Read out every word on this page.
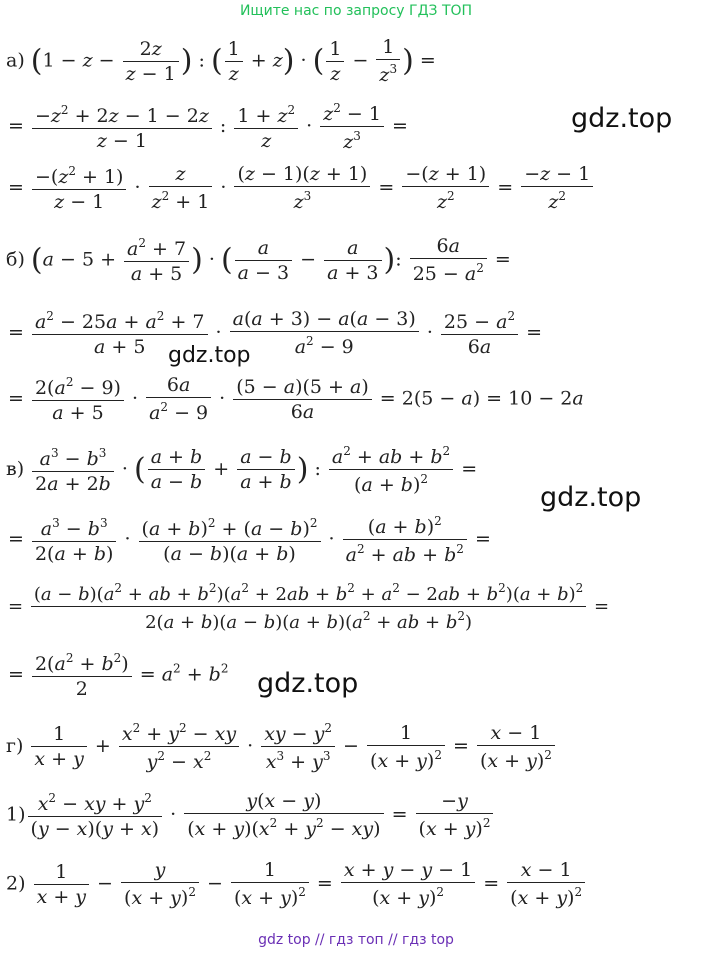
Ищите нас по запросу ГДЗ ТОП
gdz.top
gdz.top
gdz.top
gdz.top
а) ($1 - z - \frac{2z}{z - 1}$ ) : ( $\frac{1}{z} + z$) · ( $\frac{1}{z} - \frac{1}{z^3}$ ) =
= $\frac{-z^2 + 2z - 1 - 2z}{z - 1}$ : $\frac{1 + z^2}{z} \cdot \frac{z^2 - 1}{z^3}$ =
= $\frac{-(z^2 + 1)}{z - 1} \cdot \frac{z}{z^2 + 1} \cdot \frac{(z - 1)(z + 1)}{z^3} = \frac{-(z + 1)}{z^2} = \frac{-z - 1}{z^2}$
б) ($a - 5 + \frac{a^2 + 7}{a + 5}$ ) · ( $\frac{a}{a - 3} - \frac{a}{a + 3}$ ): $\frac{6a}{25 - a^2}$ =
= $\frac{a^2 - 25a + a^2 + 7}{a + 5} \cdot \frac{a(a + 3) - a(a - 3)}{a^2 - 9} \cdot \frac{25 - a^2}{6a}$ =
= $\frac{2(a^2 - 9)}{a + 5} \cdot \frac{6a}{a^2 - 9} \cdot \frac{(5 - a)(5 + a)}{6a} = 2(5 - a) = 10 - 2a$
$в) \frac{a^3 - b^3}{2a + 2b}$ · ( $\frac{a + b}{a - b} + \frac{a - b}{a + b}$ ) : $\frac{a^2 + ab + b^2}{(a + b)^2}$ =
= $\frac{a^3 - b^3}{2(a + b)} \cdot \frac{(a + b)^2 + (a - b)^2}{(a - b)(a + b)} \cdot \frac{(a + b)^2}{a^2 + ab + b^2}$ =
= $\frac{(a - b)(a^2 + ab + b^2)(a^2 + 2ab + b^2 + a^2 - 2ab + b^2)(a + b)^2}{2(a + b)(a - b)(a + b)(a^2 + ab + b^2)}$ =
= $\frac{2(a^2 + b^2)}{2} = a^2 + b^2$
$г) \frac{1}{x + y} + \frac{x^2 + y^2 - xy}{y^2 - x^2} \cdot \frac{xy - y^2}{x^3 + y^3} - \frac{1}{(x + y)^2} = \frac{x - 1}{(x + y)^2}$
$1) \frac{x^2 - xy + y^2}{(y - x)(y + x)} \cdot \frac{y(x - y)}{(x + y)(x^2 + y^2 - xy)} = \frac{-y}{(x + y)^2}$
$2) \frac{1}{x + y} - \frac{y}{(x + y)^2} - \frac{1}{(x + y)^2} = \frac{x + y - y - 1}{(x + y)^2} = \frac{x - 1}{(x + y)^2}$
gdz top // гдз топ // гдз top
